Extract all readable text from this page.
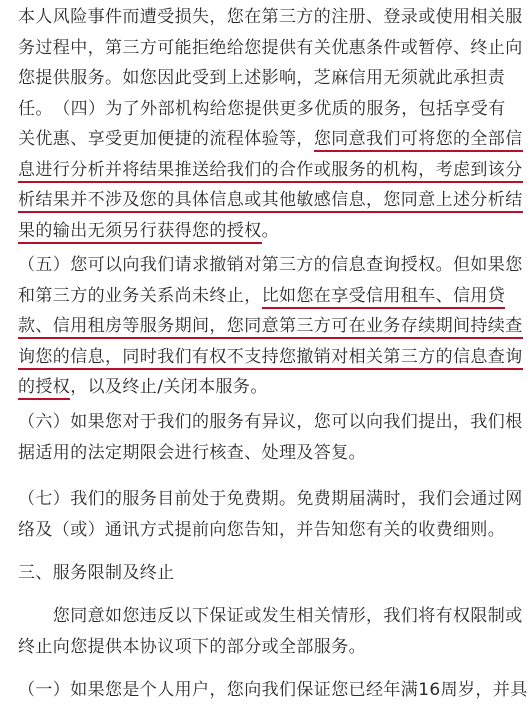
本人风险事件而遭受损失，您在第三方的注册、登录或使用相关服
务过程中，第三方可能拒绝给您提供有关优惠条件或暂停、终止向
您提供服务。如您因此受到上述影响，芝麻信用无须就此承担责
任。　（四）为了外部机构给您提供更多优质的服务，包括享受有
关优惠、享受更加便捷的流程体验等，您同意我们可将您的全部信
息进行分析并将结果推送给我们的合作或服务的机构，考虑到该分
析结果并不涉及您的具体信息或其他敏感信息，您同意上述分析结
果的输出无须另行获得您的授权。
（五）您可以向我们请求撤销对第三方的信息查询授权。但如果您
和第三方的业务关系尚未终止，比如您在享受信用租车、信用贷
款、信用租房等服务期间，您同意第三方可在业务存续期间持续查
询您的信息，同时我们有权不支持您撤销对相关第三方的信息查询
的授权，以及终止/关闭本服务。
（六）如果您对于我们的服务有异议，您可以向我们提出，我们根
据适用的法定期限会进行核查、处理及答复。
（七）我们的服务目前处于免费期。免费期届满时，我们会通过网
络及（或）通讯方式提前向您告知，并告知您有关的收费细则。
三、服务限制及终止
　　您同意如您违反以下保证或发生相关情形，我们将有权限制或
终止向您提供本协议项下的部分或全部服务。
（一）如果您是个人用户，您向我们保证您已经年满16周岁，并具
